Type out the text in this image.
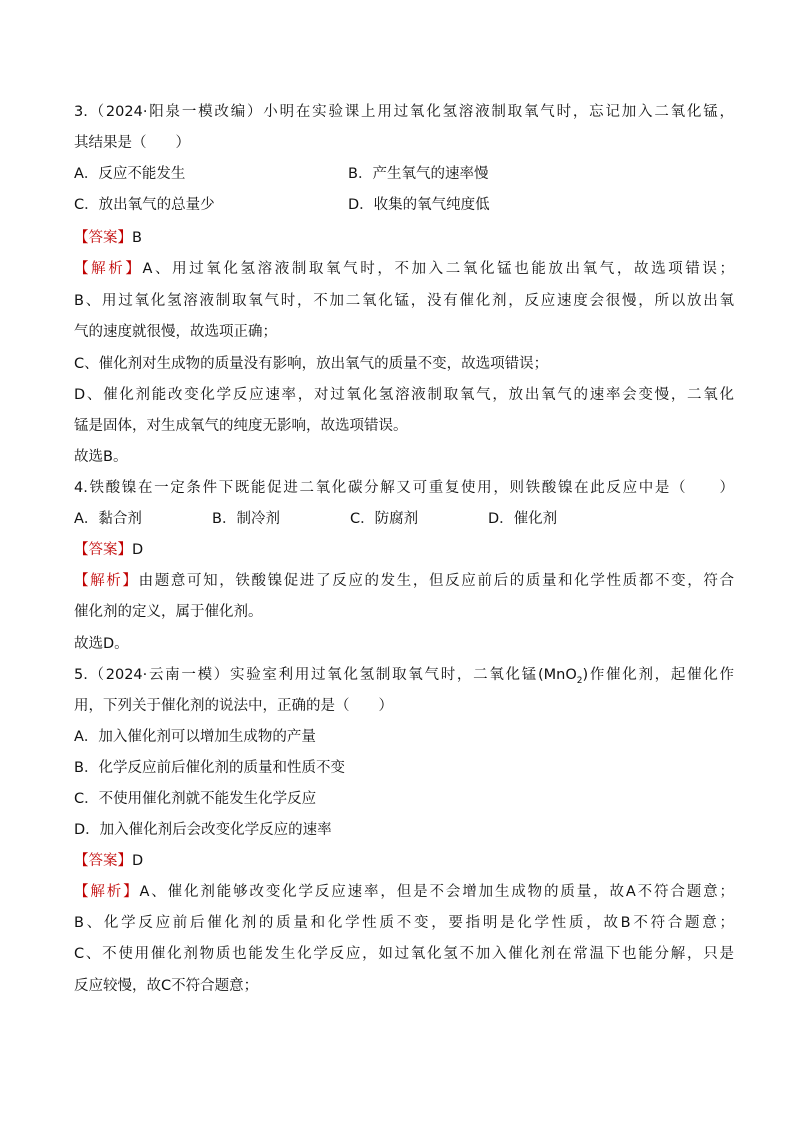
3.（2024·阳泉一模改编）小明在实验课上用过氧化氢溶液制取氧气时，忘记加入二氧化锰，
其结果是（　　）
A．反应不能发生	B．产生氧气的速率慢
C．放出氧气的总量少	D．收集的氧气纯度低
【答案】B
【解析】A、用过氧化氢溶液制取氧气时，不加入二氧化锰也能放出氧气，故选项错误；
B、用过氧化氢溶液制取氧气时，不加二氧化锰，没有催化剂，反应速度会很慢，所以放出氧
气的速度就很慢，故选项正确；
C、催化剂对生成物的质量没有影响，放出氧气的质量不变，故选项错误；
D、催化剂能改变化学反应速率，对过氧化氢溶液制取氧气，放出氧气的速率会变慢，二氧化
锰是固体，对生成氧气的纯度无影响，故选项错误。
故选B。
4.铁酸镍在一定条件下既能促进二氧化碳分解又可重复使用，则铁酸镍在此反应中是（　　）
A．黏合剂	B．制冷剂	C．防腐剂	D．催化剂
【答案】D
【解析】由题意可知，铁酸镍促进了反应的发生，但反应前后的质量和化学性质都不变，符合
催化剂的定义，属于催化剂。
故选D。
5.（2024·云南一模）实验室利用过氧化氢制取氧气时，二氧化锰(MnO$_2$)作催化剂，起催化作
用，下列关于催化剂的说法中，正确的是（　　）
A．加入催化剂可以增加生成物的产量
B．化学反应前后催化剂的质量和性质不变
C．不使用催化剂就不能发生化学反应
D．加入催化剂后会改变化学反应的速率
【答案】D
【解析】A、催化剂能够改变化学反应速率，但是不会增加生成物的质量，故A不符合题意；
B、化学反应前后催化剂的质量和化学性质不变，要指明是化学性质，故B不符合题意；
C、不使用催化剂物质也能发生化学反应，如过氧化氢不加入催化剂在常温下也能分解，只是
反应较慢，故C不符合题意；
